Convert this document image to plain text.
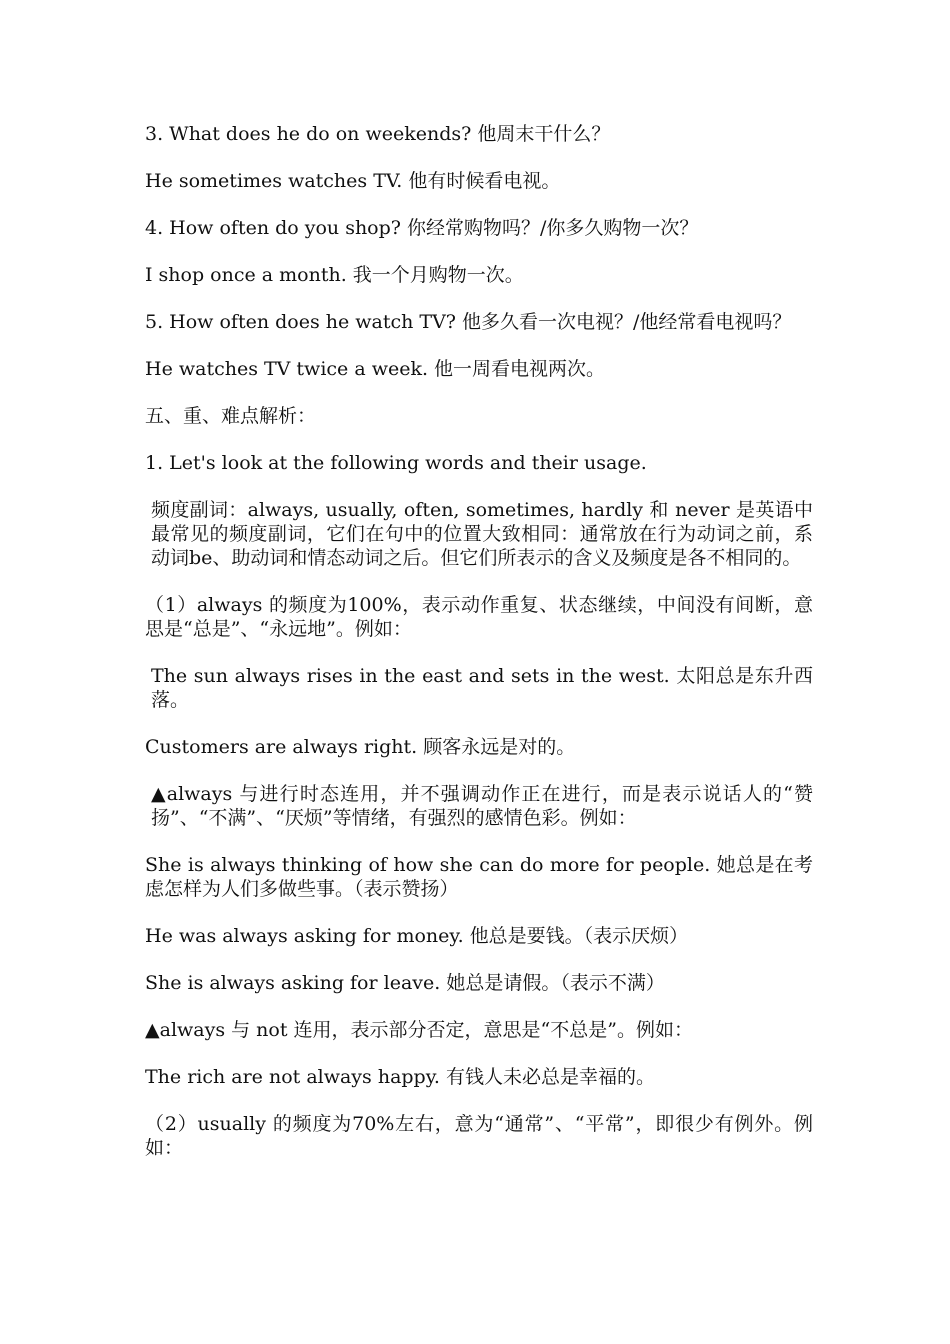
3. What does he do on weekends? 他周末干什么？

He sometimes watches TV. 他有时候看电视。

4. How often do you shop? 你经常购物吗？/你多久购物一次？

I shop once a month. 我一个月购物一次。

5. How often does he watch TV? 他多久看一次电视？/他经常看电视吗？

He watches TV twice a week. 他一周看电视两次。

五、重、难点解析：

1. Let's look at the following words and their usage.

频度副词：always, usually, often, sometimes, hardly 和 never 是英语中最常见的频度副词，它们在句中的位置大致相同：通常放在行为动词之前，系动词be、助动词和情态动词之后。但它们所表示的含义及频度是各不相同的。

（1）always 的频度为100%，表示动作重复、状态继续，中间没有间断，意思是“总是”、“永远地”。例如：

The sun always rises in the east and sets in the west. 太阳总是东升西落。

Customers are always right. 顾客永远是对的。

▲always 与进行时态连用，并不强调动作正在进行，而是表示说话人的“赞扬”、“不满”、“厌烦”等情绪，有强烈的感情色彩。例如：

She is always thinking of how she can do more for people. 她总是在考虑怎样为人们多做些事。（表示赞扬）

He was always asking for money. 他总是要钱。（表示厌烦）

She is always asking for leave. 她总是请假。（表示不满）

▲always 与 not 连用，表示部分否定，意思是“不总是”。例如：

The rich are not always happy. 有钱人未必总是幸福的。

（2）usually 的频度为70%左右，意为“通常”、“平常”，即很少有例外。例如：
